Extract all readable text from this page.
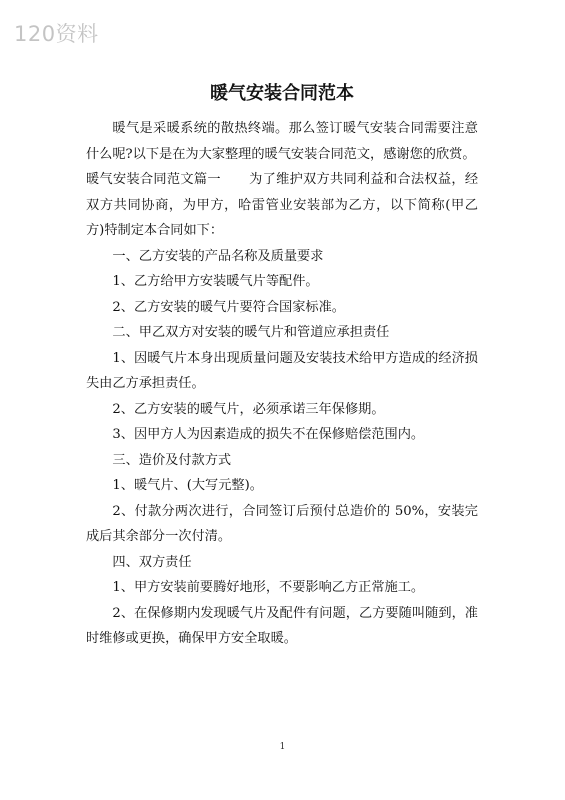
120资料
暖气安装合同范本

暖气是采暖系统的散热终端。那么签订暖气安装合同需要注意什么呢?以下是在为大家整理的暖气安装合同范文，感谢您的欣赏。

暖气安装合同范文篇一 为了维护双方共同利益和合法权益，经双方共同协商，为甲方，哈雷管业安装部为乙方，以下简称(甲乙方)特制定本合同如下：

一、乙方安装的产品名称及质量要求

1、乙方给甲方安装暖气片等配件。

2、乙方安装的暖气片要符合国家标准。

二、甲乙双方对安装的暖气片和管道应承担责任

1、因暖气片本身出现质量问题及安装技术给甲方造成的经济损失由乙方承担责任。

2、乙方安装的暖气片，必须承诺三年保修期。

3、因甲方人为因素造成的损失不在保修赔偿范围内。

三、造价及付款方式

1、暖气片、(大写元整)。

2、付款分两次进行，合同签订后预付总造价的 50%，安装完成后其余部分一次付清。

四、双方责任

1、甲方安装前要腾好地形，不要影响乙方正常施工。

2、在保修期内发现暖气片及配件有问题，乙方要随叫随到，准时维修或更换，确保甲方安全取暖。

1
